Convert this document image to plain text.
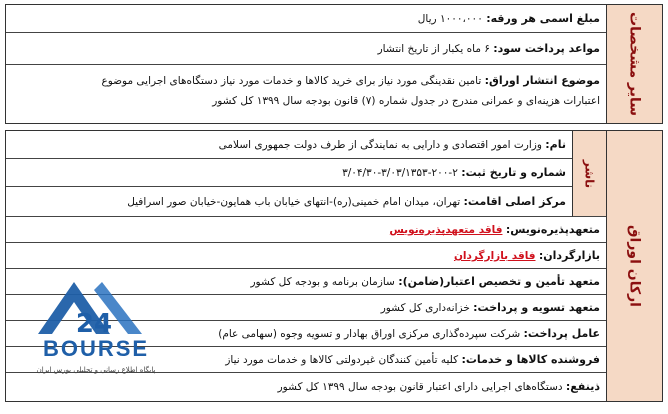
سایر مشخصات
مبلغ اسمی هر ورقه: ۱۰۰۰،۰۰۰ ریال
مواعد پرداخت سود: ۶ ماه یکبار از تاریخ انتشار
موضوع انتشار اوراق: تامین نقدینگی مورد نیاز برای خرید کالاها و خدمات مورد نیاز دستگاه‌های اجرایی موضوع
اعتبارات هزینه‌ای و عمرانی مندرج در جدول شماره (۷) قانون بودجه سال ۱۳۹۹ کل کشور
ارکان اوراق
ناشر
نام: وزارت امور اقتصادی و دارایی به نمایندگی از طرف دولت جمهوری اسلامی
شماره و تاریخ ثبت: ۲-۲۰۰-۳/۰۳/۱۳۵۳-۳/۰۴/۳۰
مرکز اصلی اقامت: تهران، میدان امام خمینی(ره)-انتهای خیابان باب همایون-خیابان صور اسرافیل
متعهدپذیره‌نویس: فاقد متعهدپذیره‌نویس
بازارگردان: فاقد بازارگردان
متعهد تأمین و تخصیص اعتبار(ضامن): سازمان برنامه و بودجه کل کشور
متعهد تسویه و پرداخت: خزانه‌داری کل کشور
عامل پرداخت: شرکت سپرده‌گذاری مرکزی اوراق بهادار و تسویه وجوه (سهامی عام)
فروشنده کالاها و خدمات: کلیه تأمین کنندگان غیردولتی کالاها و خدمات مورد نیاز
ذینفع: دستگاه‌های اجرایی دارای اعتبار قانون بودجه سال ۱۳۹۹ کل کشور
24
BOURSE
پایگاه اطلاع رسانی و تحلیلی بورس ایران
